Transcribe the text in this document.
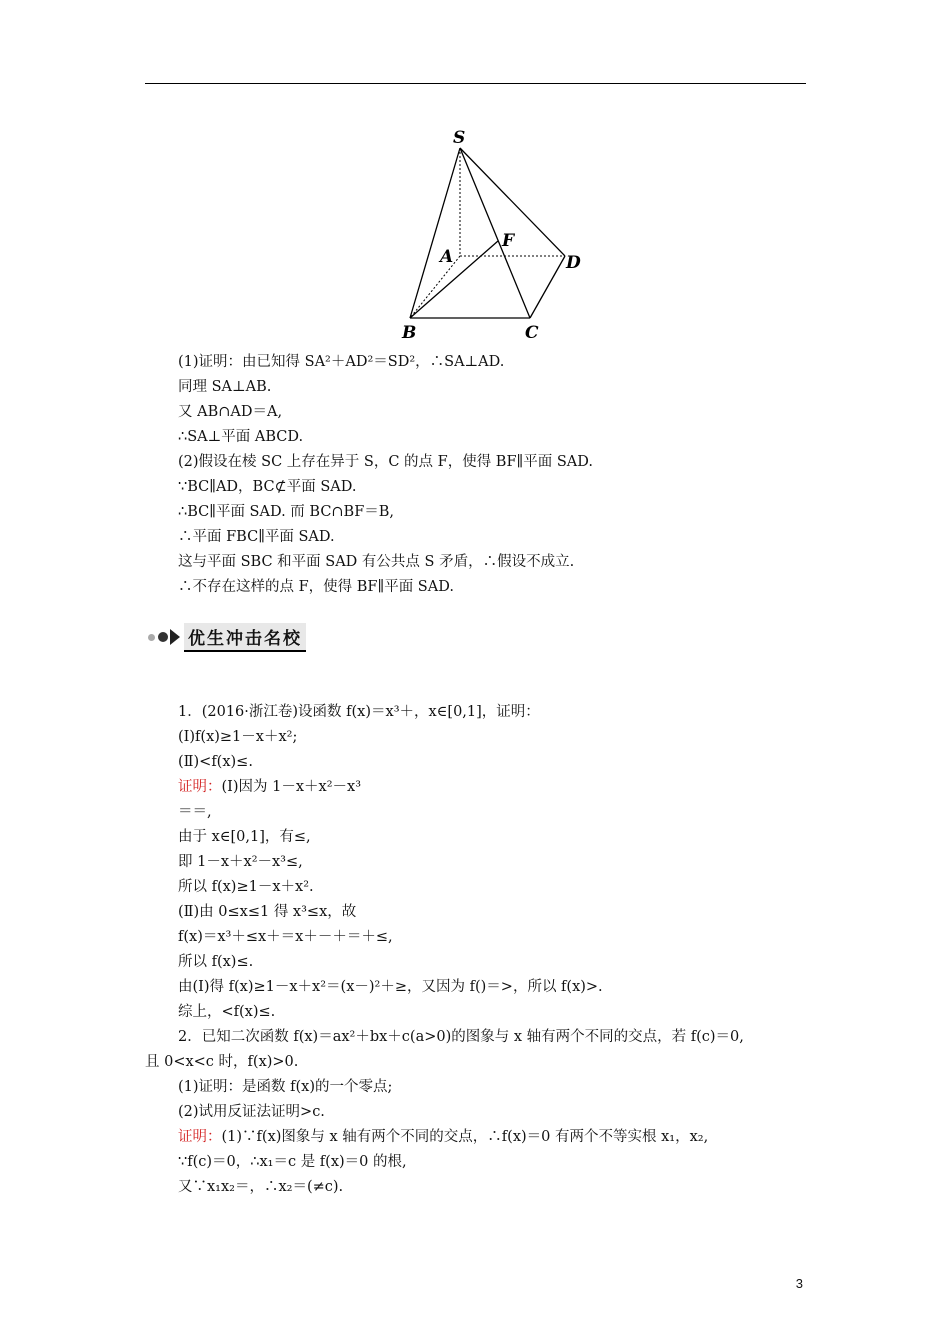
S
A
B	C
D
F
(1)证明：由已知得 SA²＋AD²＝SD²，∴SA⊥AD.
同理 SA⊥AB.
又 AB∩AD＝A,
∴SA⊥平面 ABCD.
(2)假设在棱 SC 上存在异于 S，C 的点 F，使得 BF∥平面 SAD.
∵BC∥AD，BC⊄平面 SAD.
∴BC∥平面 SAD. 而 BC∩BF＝B,
∴平面 FBC∥平面 SAD.
这与平面 SBC 和平面 SAD 有公共点 S 矛盾，∴假设不成立.
∴不存在这样的点 F，使得 BF∥平面 SAD.
优生冲击名校
1．(2016·浙江卷)设函数 f(x)＝x³＋，x∈[0,1]，证明：
(Ⅰ)f(x)≥1－x＋x²;
(Ⅱ)<f(x)≤.
证明：(Ⅰ)因为 1－x＋x²－x³
＝＝,
由于 x∈[0,1]，有≤,
即 1－x＋x²－x³≤,
所以 f(x)≥1－x＋x².
(Ⅱ)由 0≤x≤1 得 x³≤x，故
f(x)＝x³＋≤x＋＝x＋－＋＝＋≤,
所以 f(x)≤.
由(Ⅰ)得 f(x)≥1－x＋x²＝(x－)²＋≥，又因为 f()＝>，所以 f(x)>.
综上，<f(x)≤.
2．已知二次函数 f(x)＝ax²＋bx＋c(a>0)的图象与 x 轴有两个不同的交点，若 f(c)＝0,
且 0<x<c 时，f(x)>0.
(1)证明：是函数 f(x)的一个零点;
(2)试用反证法证明>c.
证明：(1)∵f(x)图象与 x 轴有两个不同的交点，∴f(x)＝0 有两个不等实根 x₁，x₂,
∵f(c)＝0，∴x₁＝c 是 f(x)＝0 的根,
又∵x₁x₂＝，∴x₂＝(≠c).
3
